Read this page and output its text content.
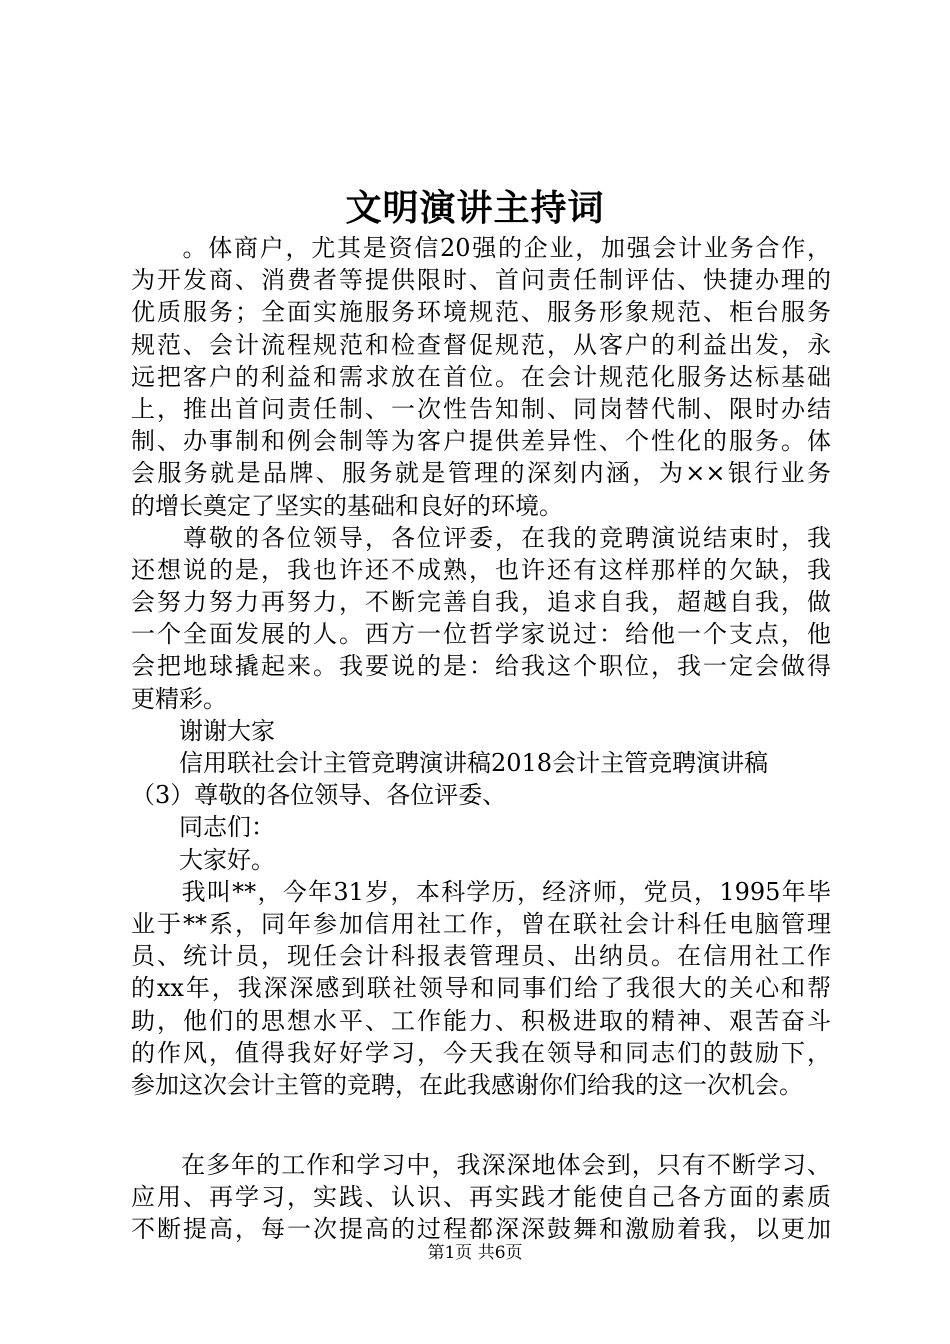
文明演讲主持词
　　。体商户，尤其是资信20强的企业，加强会计业务合作，
为开发商、消费者等提供限时、首问责任制评估、快捷办理的
优质服务；全面实施服务环境规范、服务形象规范、柜台服务
规范、会计流程规范和检查督促规范，从客户的利益出发，永
远把客户的利益和需求放在首位。在会计规范化服务达标基础
上，推出首问责任制、一次性告知制、同岗替代制、限时办结
制、办事制和例会制等为客户提供差异性、个性化的服务。体
会服务就是品牌、服务就是管理的深刻内涵，为××银行业务
的增长奠定了坚实的基础和良好的环境。
　　尊敬的各位领导，各位评委，在我的竞聘演说结束时，我
还想说的是，我也许还不成熟，也许还有这样那样的欠缺，我
会努力努力再努力，不断完善自我，追求自我，超越自我，做
一个全面发展的人。西方一位哲学家说过：给他一个支点，他
会把地球撬起来。我要说的是：给我这个职位，我一定会做得
更精彩。
　　谢谢大家
　　信用联社会计主管竞聘演讲稿2018会计主管竞聘演讲稿
（3）尊敬的各位领导、各位评委、
　　同志们：
　　大家好。
　　我叫**，今年31岁，本科学历，经济师，党员，1995年毕
业于**系，同年参加信用社工作，曾在联社会计科任电脑管理
员、统计员，现任会计科报表管理员、出纳员。在信用社工作
的xx年，我深深感到联社领导和同事们给了我很大的关心和帮
助，他们的思想水平、工作能力、积极进取的精神、艰苦奋斗
的作风，值得我好好学习，今天我在领导和同志们的鼓励下，
参加这次会计主管的竞聘，在此我感谢你们给我的这一次机会。
　　在多年的工作和学习中，我深深地体会到，只有不断学习、
应用、再学习，实践、认识、再实践才能使自己各方面的素质
不断提高，每一次提高的过程都深深鼓舞和激励着我，以更加
第1页 共6页
